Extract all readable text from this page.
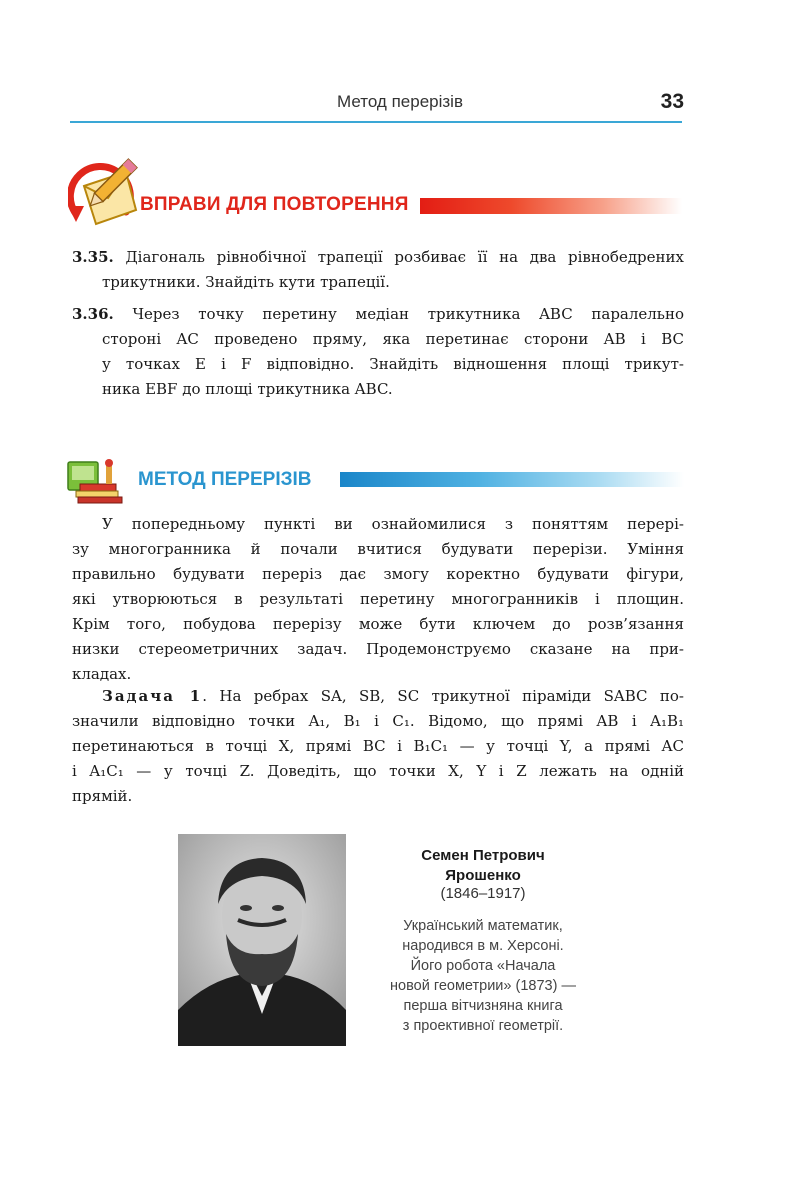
Метод перерізів	33
ВПРАВИ ДЛЯ ПОВТОРЕННЯ
3.35. Діагональ рівнобічної трапеції розбиває її на два рівнобедрених
трикутники. Знайдіть кути трапеції.
3.36. Через точку перетину медіан трикутника ABC паралельно
стороні AC проведено пряму, яка перетинає сторони AB і BC
у точках E і F відповідно. Знайдіть відношення площі трикут-
ника EBF до площі трикутника ABC.
МЕТОД ПЕРЕРІЗІВ
У попередньому пункті ви ознайомилися з поняттям перері-
зу многогранника й почали вчитися будувати перерізи. Уміння
правильно будувати переріз дає змогу коректно будувати фігури,
які утворюються в результаті перетину многогранників і площин.
Крім того, побудова перерізу може бути ключем до розв’язання
низки стереометричних задач. Продемонструємо сказане на при-
кладах.
Задача 1. На ребрах SA, SB, SC трикутної піраміди SABC по-
значили відповідно точки A₁, B₁ і C₁. Відомо, що прямі AB і A₁B₁
перетинаються в точці X, прямі BC і B₁C₁ — у точці Y, а прямі AC
і A₁C₁ — у точці Z. Доведіть, що точки X, Y і Z лежать на одній
прямій.
Семен Петрович
Ярошенко
(1846–1917)
Український математик,
народився в м. Херсоні.
Його робота «Начала
новой геометрии» (1873) —
перша вітчизняна книга
з проективної геометрії.
